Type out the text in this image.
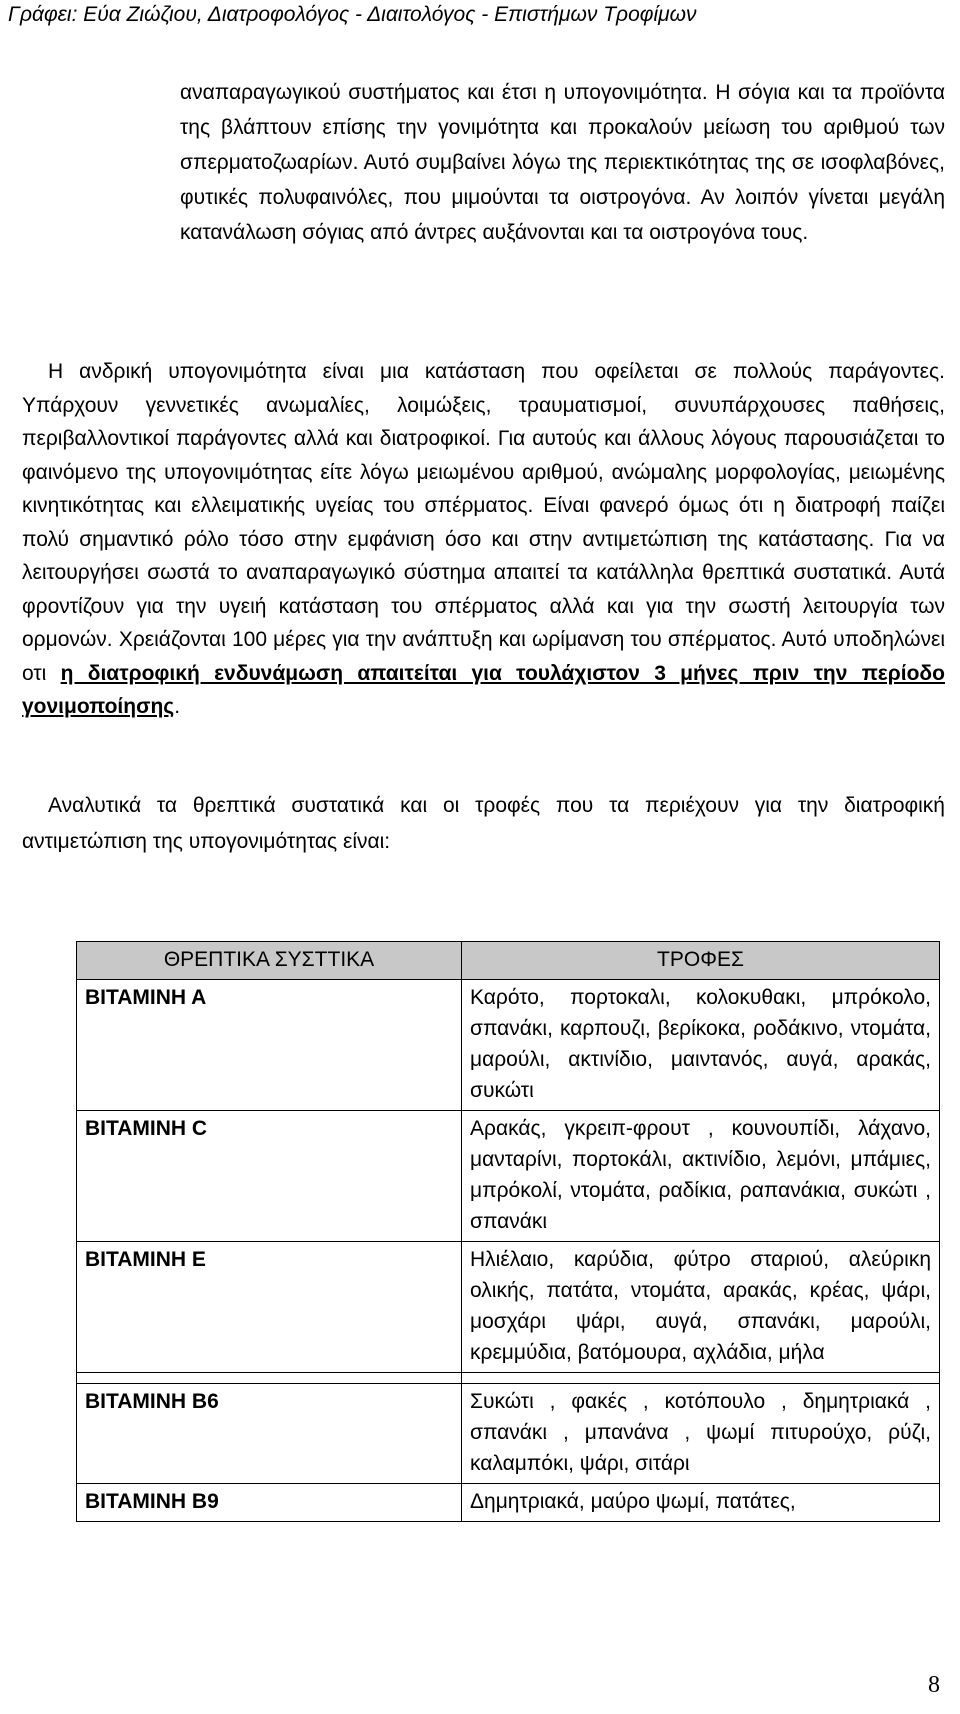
Γράφει: Εύα Ζιώζιου, Διατροφολόγος - Διαιτολόγος - Επιστήμων Τροφίμων
αναπαραγωγικού συστήματος και έτσι η υπογονιμότητα. Η σόγια και τα προϊόντα της βλάπτουν επίσης την γονιμότητα και προκαλούν μείωση του αριθμού των σπερματοζωαρίων. Αυτό συμβαίνει λόγω της περιεκτικότητας της σε ισοφλαβόνες, φυτικές πολυφαινόλες, που μιμούνται τα οιστρογόνα. Αν λοιπόν γίνεται μεγάλη κατανάλωση σόγιας από άντρες αυξάνονται και τα οιστρογόνα τους.
Η ανδρική υπογονιμότητα είναι μια κατάσταση που οφείλεται σε πολλούς παράγοντες. Υπάρχουν γεννετικές ανωμαλίες, λοιμώξεις, τραυματισμοί, συνυπάρχουσες παθήσεις, περιβαλλοντικοί παράγοντες αλλά και διατροφικοί. Για αυτούς και άλλους λόγους παρουσιάζεται το φαινόμενο της υπογονιμότητας είτε λόγω μειωμένου αριθμού, ανώμαλης μορφολογίας, μειωμένης κινητικότητας και ελλειματικής υγείας του σπέρματος. Είναι φανερό όμως ότι η διατροφή παίζει πολύ σημαντικό ρόλο τόσο στην εμφάνιση όσο και στην αντιμετώπιση της κατάστασης. Για να λειτουργήσει σωστά το αναπαραγωγικό σύστημα απαιτεί τα κατάλληλα θρεπτικά συστατικά. Αυτά φροντίζουν για την υγειή κατάσταση του σπέρματος αλλά και για την σωστή λειτουργία των ορμονών. Χρειάζονται 100 μέρες για την ανάπτυξη και ωρίμανση του σπέρματος. Αυτό υποδηλώνει οτι η διατροφική ενδυνάμωση απαιτείται για τουλάχιστον 3 μήνες πριν την περίοδο γονιμοποίησης.
Αναλυτικά τα θρεπτικά συστατικά και οι τροφές που τα περιέχουν για την διατροφική αντιμετώπιση της υπογονιμότητας είναι:
ΘΡΕΠΤΙΚΑ ΣΥΣΤΤΙΚΑ	ΤΡΟΦΕΣ
ΒΙΤΑΜΙΝΗ Α	Καρότο, πορτοκαλι, κολοκυθακι, μπρόκολο, σπανάκι, καρπουζι, βερίκοκα, ροδάκινο, ντομάτα, μαρούλι, ακτινίδιο, μαιντανός, αυγά, αρακάς, συκώτι
ΒΙΤΑΜΙΝΗ C	Αρακάς, γκρειπ-φρουτ , κουνουπίδι, λάχανο, μανταρίνι, πορτοκάλι, ακτινίδιο, λεμόνι, μπάμιες, μπρόκολί, ντομάτα, ραδίκια, ραπανάκια, συκώτι , σπανάκι
ΒΙΤΑΜΙΝΗ Ε	Ηλιέλαιο, καρύδια, φύτρο σταριού, αλεύρικη ολικής, πατάτα, ντομάτα, αρακάς, κρέας, ψάρι, μοσχάρι ψάρι, αυγά, σπανάκι, μαρούλι, κρεμμύδια, βατόμουρα, αχλάδια, μήλα

ΒΙΤΑΜΙΝΗ Β6	Συκώτι , φακές , κοτόπουλο , δημητριακά , σπανάκι , μπανάνα , ψωμί πιτυρούχο, ρύζι, καλαμπόκι, ψάρι, σιτάρι
ΒΙΤΑΜΙΝΗ Β9	Δημητριακά, μαύρο ψωμί, πατάτες,
8
